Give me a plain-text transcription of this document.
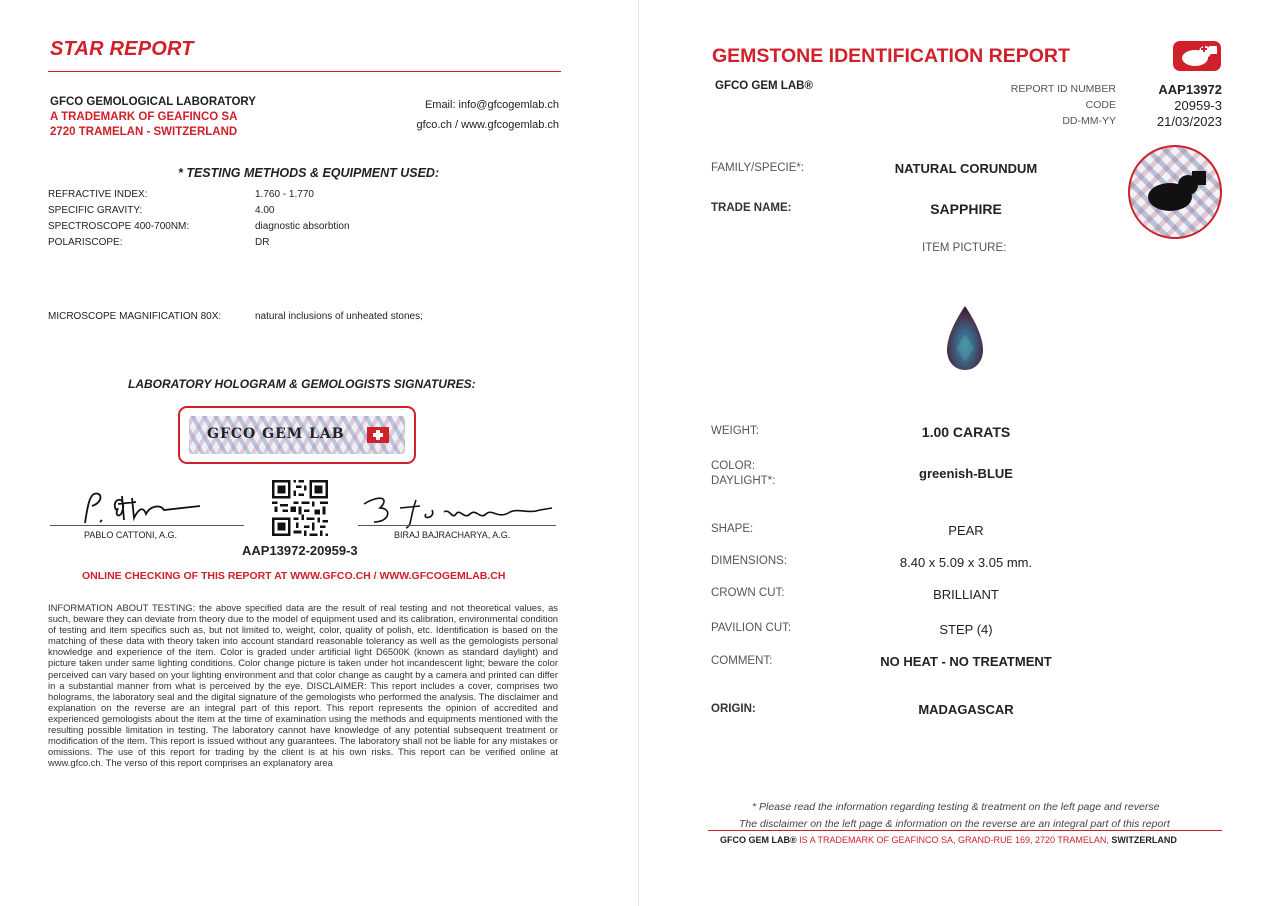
STAR REPORT
GFCO GEMOLOGICAL LABORATORY
A TRADEMARK OF GEAFINCO SA
2720 TRAMELAN - SWITZERLAND
Email: info@gfcogemlab.ch
gfco.ch / www.gfcogemlab.ch
* TESTING METHODS & EQUIPMENT USED:
REFRACTIVE INDEX:	1.760 - 1.770
SPECIFIC GRAVITY:	4.00
SPECTROSCOPE 400-700NM:	diagnostic absorbtion
POLARISCOPE:	DR
MICROSCOPE MAGNIFICATION 80X:	natural inclusions of unheated stones;
LABORATORY HOLOGRAM & GEMOLOGISTS SIGNATURES:
GFCO GEM LAB
PABLO CATTONI, A.G.	BIRAJ BAJRACHARYA, A.G.
AAP13972-20959-3
ONLINE CHECKING OF THIS REPORT AT WWW.GFCO.CH / WWW.GFCOGEMLAB.CH
INFORMATION ABOUT TESTING: the above specified data are the result of real testing and not theoretical values, as such, beware they can deviate from theory due to the model of equipment used and its calibration, environmental condition of testing and item specifics such as, but not limited to, weight, color, quality of polish, etc. Identification is based on the matching of these data with theory taken into account standard reasonable tolerancy as well as the gemologists personal knowledge and experience of the item. Color is graded under artificial light D6500K (known as standard daylight) and picture taken under same lighting conditions. Color change picture is taken under hot incandescent light; beware the color perceived can vary based on your lighting environment and that color change as caught by a camera and printed can differ in a substantial manner from what is perceived by the eye. DISCLAIMER: This report includes a cover, comprises two holograms, the laboratory seal and the digital signature of the gemologists who performed the analysis. The disclaimer and explanation on the reverse are an integral part of this report. This report represents the opinion of accredited and experienced gemologists about the item at the time of examination using the methods and equipments mentioned with the resulting possible limitation in testing. The laboratory cannot have knowledge of any potential subsequent treatment or modification of the item. This report is issued without any guarantees. The laboratory shall not be liable for any mistakes or omissions. The use of this report for trading by the client is at his own risks. This report can be verified online at www.gfco.ch. The verso of this report comprises an explanatory area
GEMSTONE IDENTIFICATION REPORT
GFCO GEM LAB®	REPORT ID NUMBER	AAP13972
CODE	20959-3
DD-MM-YY	21/03/2023
FAMILY/SPECIE*:	NATURAL CORUNDUM
TRADE NAME:	SAPPHIRE
ITEM PICTURE:
WEIGHT:	1.00 CARATS
COLOR:
DAYLIGHT*:	greenish-BLUE
SHAPE:	PEAR
DIMENSIONS:	8.40 x 5.09 x 3.05 mm.
CROWN CUT:	BRILLIANT
PAVILION CUT:	STEP (4)
COMMENT:	NO HEAT - NO TREATMENT
ORIGIN:	MADAGASCAR
* Please read the information regarding testing & treatment on the left page and reverse
The disclaimer on the left page & information on the reverse are an integral part of this report
GFCO GEM LAB® IS A TRADEMARK OF GEAFINCO SA, GRAND-RUE 169, 2720 TRAMELAN, SWITZERLAND
